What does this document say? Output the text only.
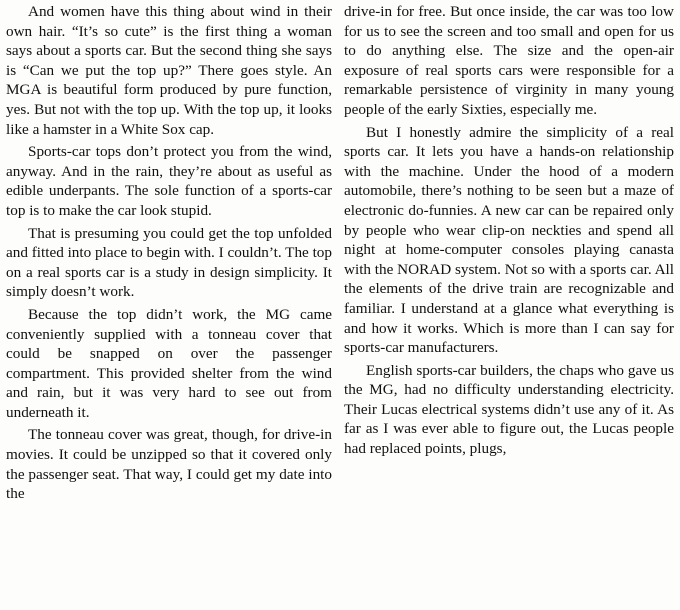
And women have this thing about wind in their own hair. “It’s so cute” is the first thing a woman says about a sports car. But the second thing she says is “Can we put the top up?” There goes style. An MGA is beautiful form produced by pure function, yes. But not with the top up. With the top up, it looks like a hamster in a White Sox cap.

Sports-car tops don’t protect you from the wind, anyway. And in the rain, they’re about as useful as edible underpants. The sole function of a sports-car top is to make the car look stupid.

That is presuming you could get the top unfolded and fitted into place to begin with. I couldn’t. The top on a real sports car is a study in design simplicity. It simply doesn’t work.

Because the top didn’t work, the MG came conveniently supplied with a tonneau cover that could be snapped on over the passenger compartment. This provided shelter from the wind and rain, but it was very hard to see out from underneath it.

The tonneau cover was great, though, for drive-in movies. It could be unzipped so that it covered only the passenger seat. That way, I could get my date into the

drive-in for free. But once inside, the car was too low for us to see the screen and too small and open for us to do anything else. The size and the open-air exposure of real sports cars were responsible for a remarkable persistence of virginity in many young people of the early Sixties, especially me.

But I honestly admire the simplicity of a real sports car. It lets you have a hands-on relationship with the machine. Under the hood of a modern automobile, there’s nothing to be seen but a maze of electronic do-funnies. A new car can be repaired only by people who wear clip-on neckties and spend all night at home-computer consoles playing canasta with the NORAD system. Not so with a sports car. All the elements of the drive train are recognizable and familiar. I understand at a glance what everything is and how it works. Which is more than I can say for sports-car manufacturers.

English sports-car builders, the chaps who gave us the MG, had no difficulty understanding electricity. Their Lucas electrical systems didn’t use any of it. As far as I was ever able to figure out, the Lucas people had replaced points, plugs,
